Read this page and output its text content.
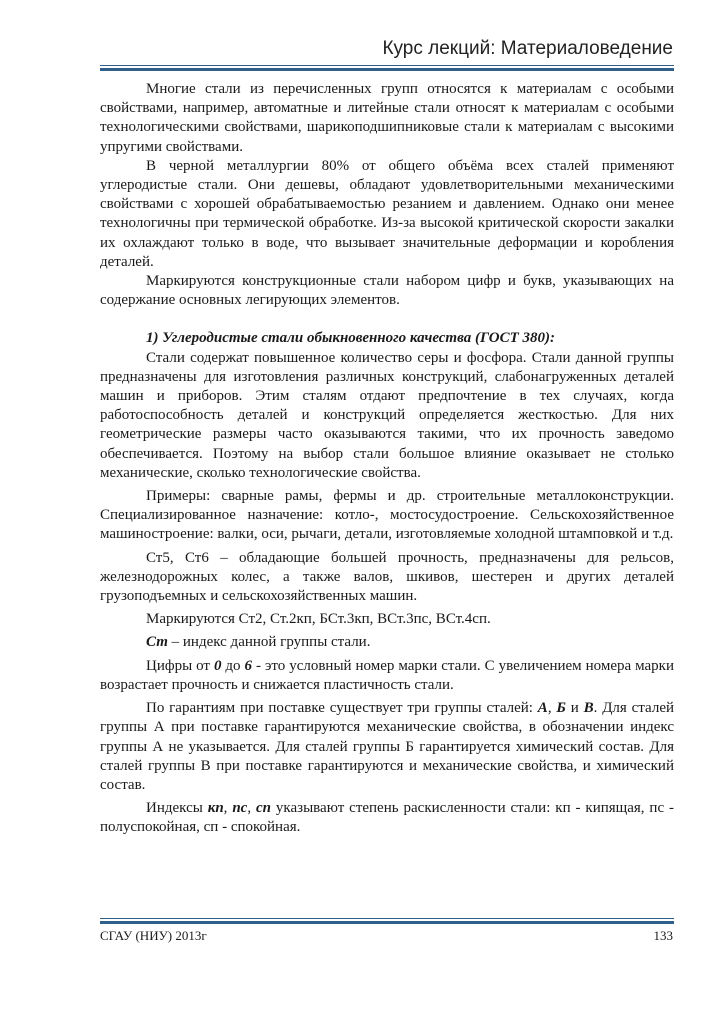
Курс лекций: Материаловедение

Многие стали из перечисленных групп относятся к материалам с особыми свойствами, например, автоматные и литейные стали относят к материалам с особыми технологическими свойствами, шарикоподшипниковые стали к материалам с высокими упругими свойствами.

В черной металлургии 80% от общего объёма всех сталей применяют углеродистые стали. Они дешевы, обладают удовлетворительными механическими свойствами с хорошей обрабатываемостью резанием и давлением. Однако они менее технологичны при термической обработке. Из-за высокой критической скорости закалки их охлаждают только в воде, что вызывает значительные деформации и коробления деталей.

Маркируются конструкционные стали набором цифр и букв, указывающих на содержание основных легирующих элементов.

1) Углеродистые стали обыкновенного качества (ГОСТ 380):

Стали содержат повышенное количество серы и фосфора. Стали данной группы предназначены для изготовления различных конструкций, слабонагруженных деталей машин и приборов. Этим сталям отдают предпочтение в тех случаях, когда работоспособность деталей и конструкций определяется жесткостью. Для них геометрические размеры часто оказываются такими, что их прочность заведомо обеспечивается. Поэтому на выбор стали большое влияние оказывает не столько механические, сколько технологические свойства.

Примеры: сварные рамы, фермы и др. строительные металлоконструкции. Специализированное назначение: котло-, мостосудостроение. Сельскохозяйственное машиностроение: валки, оси, рычаги, детали, изготовляемые холодной штамповкой и т.д.

Ст5, Ст6 – обладающие большей прочность, предназначены для рельсов, железнодорожных колес, а также валов, шкивов, шестерен и других деталей грузоподъемных и сельскохозяйственных машин.

Маркируются Ст2, Ст.2кп, БСт.3кп, ВСт.3пс, ВСт.4сп.

Ст – индекс данной группы стали.

Цифры от 0 до 6 - это условный номер марки стали. С увеличением номера марки возрастает прочность и снижается пластичность стали.

По гарантиям при поставке существует три группы сталей: А, Б и В. Для сталей группы А при поставке гарантируются механические свойства, в обозначении индекс группы А не указывается. Для сталей группы Б гарантируется химический состав. Для сталей группы В при поставке гарантируются и механические свойства, и химический состав.

Индексы кп, пс, сп указывают степень раскисленности стали: кп - кипящая, пс - полуспокойная, сп - спокойная.

СГАУ (НИУ) 2013г	133
